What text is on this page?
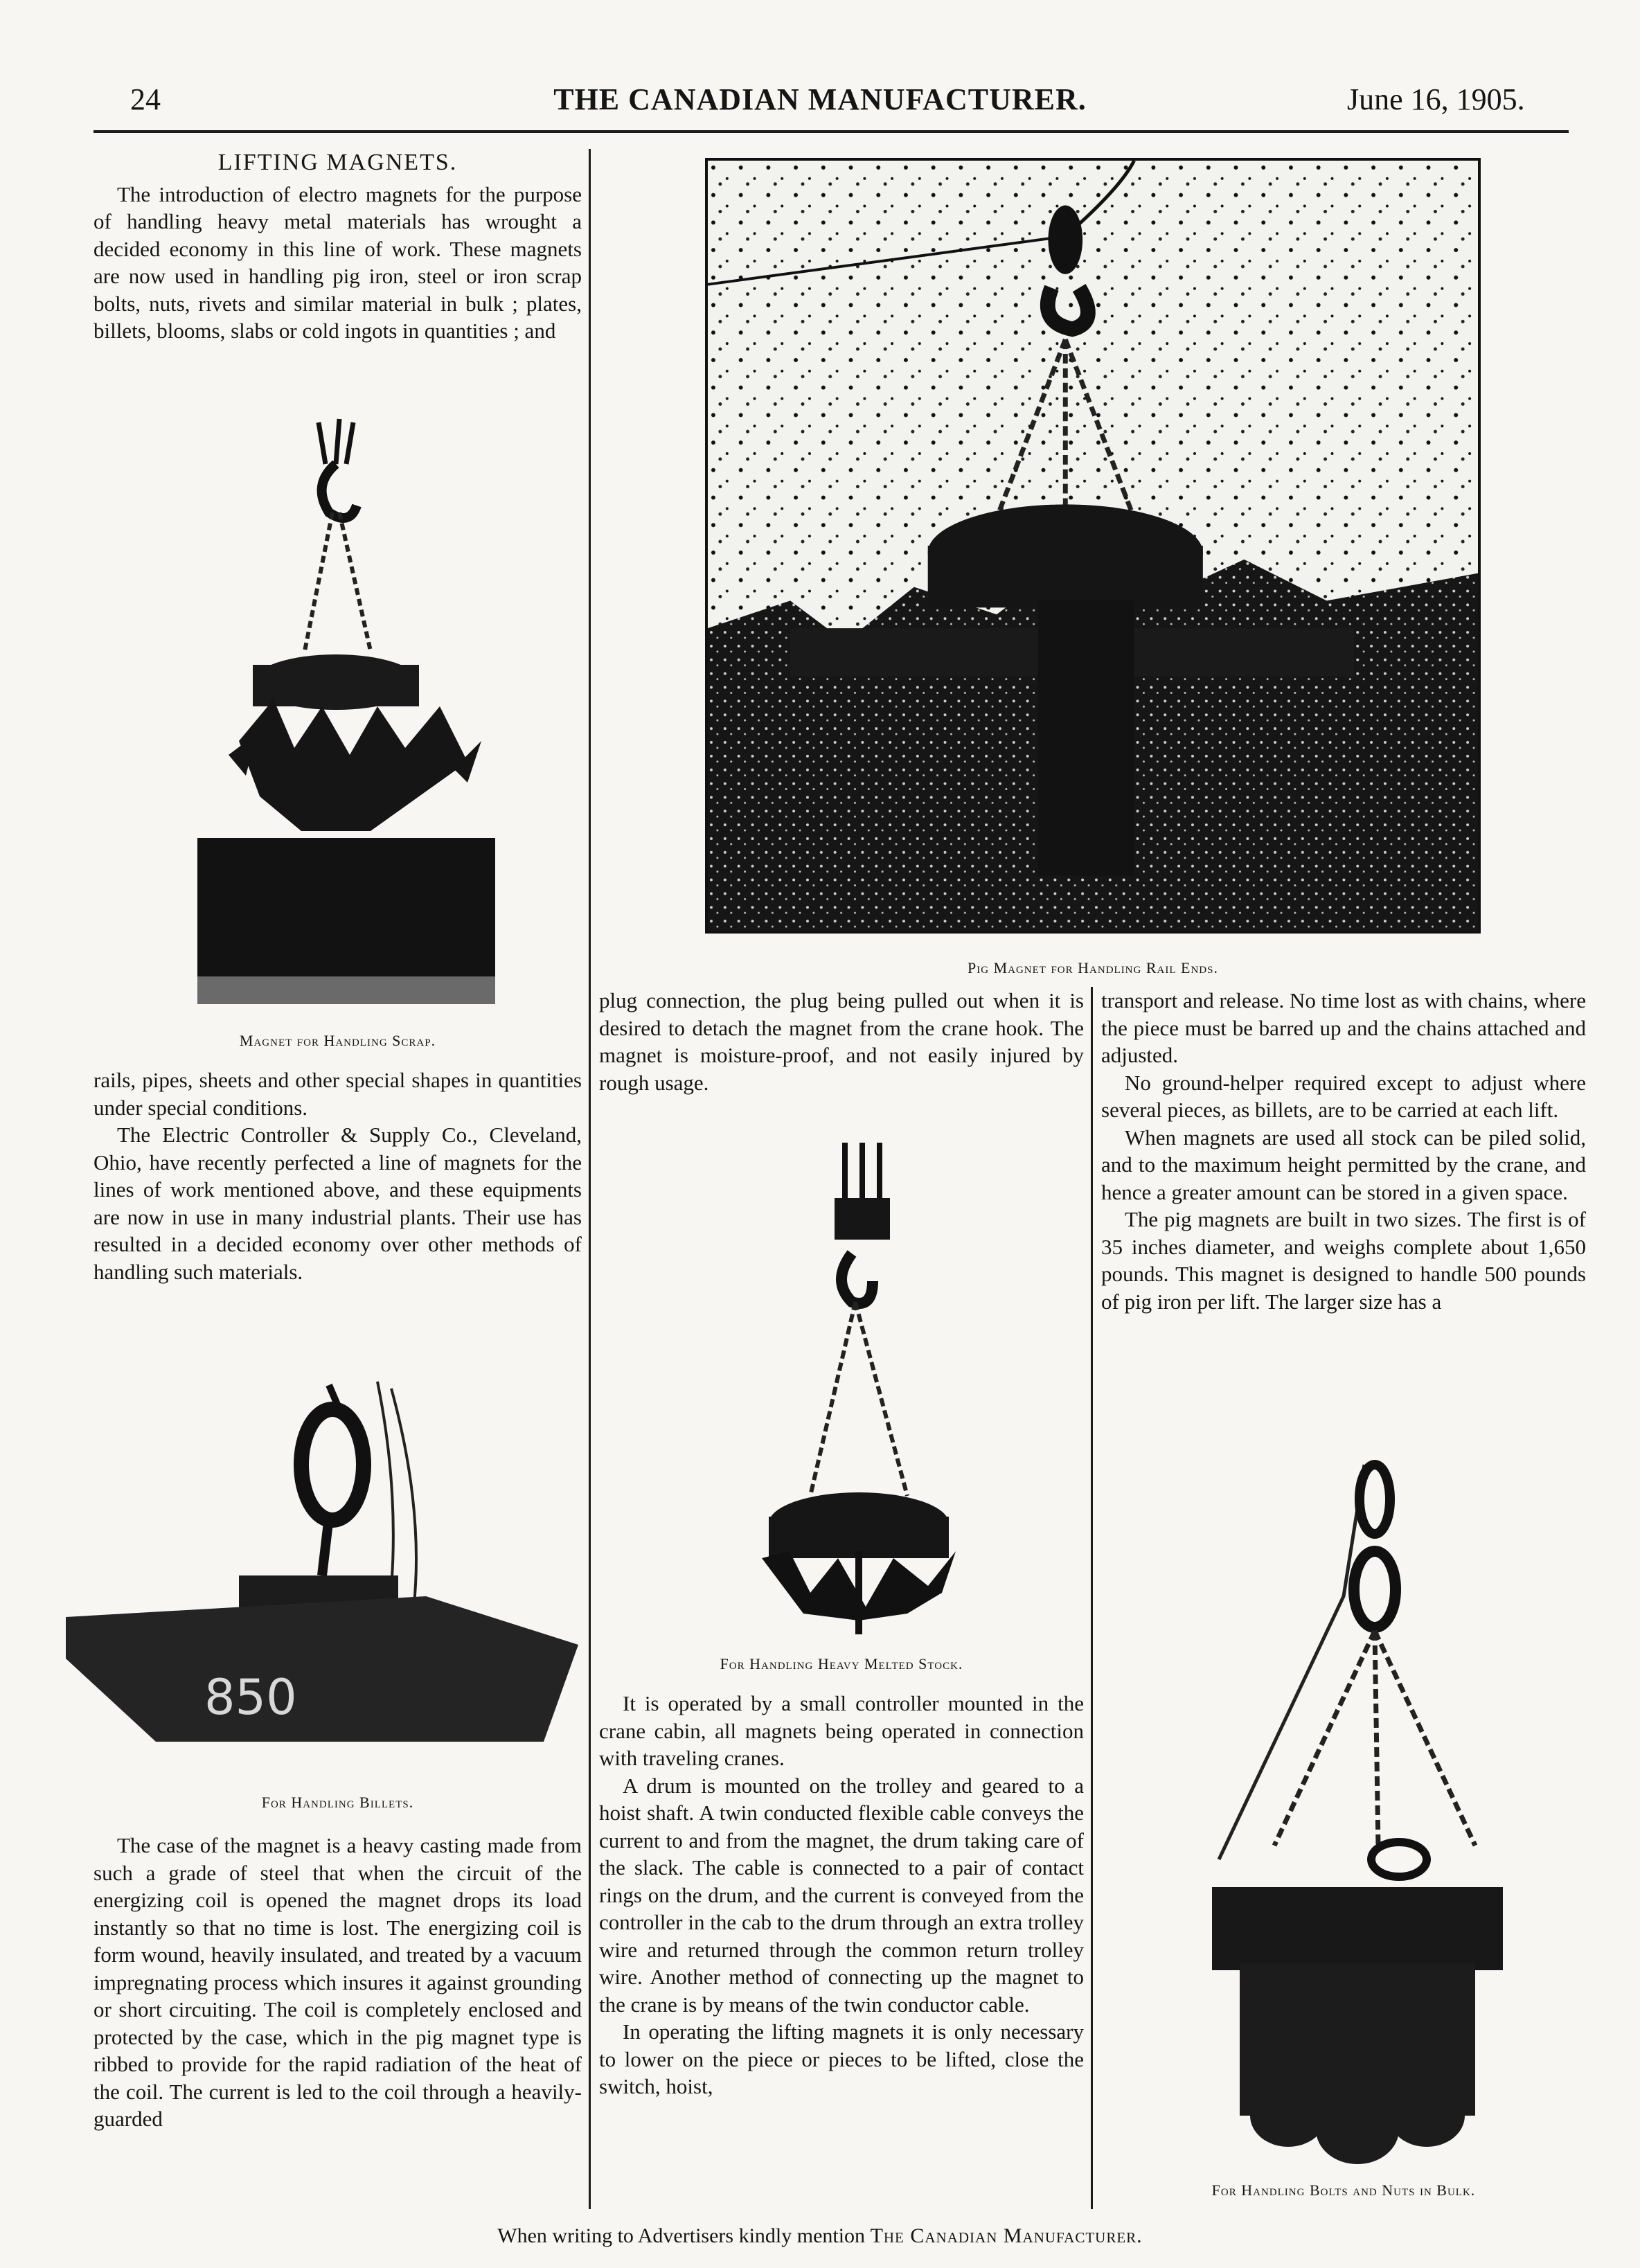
24	THE CANADIAN MANUFACTURER.	June 16, 1905.
LIFTING MAGNETS.

The introduction of electro magnets for the purpose of handling heavy metal materials has wrought a decided economy in this line of work. These magnets are now used in handling pig iron, steel or iron scrap bolts, nuts, rivets and similar material in bulk ; plates, billets, blooms, slabs or cold ingots in quantities ; and

Magnet for Handling Scrap.

rails, pipes, sheets and other special shapes in quantities under special conditions.

The Electric Controller & Supply Co., Cleveland, Ohio, have recently perfected a line of magnets for the lines of work mentioned above, and these equipments are now in use in many industrial plants. Their use has resulted in a decided economy over other methods of handling such materials.

850
For Handling Billets.

The case of the magnet is a heavy casting made from such a grade of steel that when the circuit of the energizing coil is opened the magnet drops its load instantly so that no time is lost. The energizing coil is form wound, heavily insulated, and treated by a vacuum impregnating process which insures it against grounding or short circuiting. The coil is completely enclosed and protected by the case, which in the pig magnet type is ribbed to provide for the rapid radiation of the heat of the coil. The current is led to the coil through a heavily-guarded

Pig Magnet for Handling Rail Ends.

plug connection, the plug being pulled out when it is desired to detach the magnet from the crane hook. The magnet is moisture-proof, and not easily injured by rough usage.

For Handling Heavy Melted Stock.

It is operated by a small controller mounted in the crane cabin, all magnets being operated in connection with traveling cranes.

A drum is mounted on the trolley and geared to a hoist shaft. A twin conducted flexible cable conveys the current to and from the magnet, the drum taking care of the slack. The cable is connected to a pair of contact rings on the drum, and the current is conveyed from the controller in the cab to the drum through an extra trolley wire and returned through the common return trolley wire. Another method of connecting up the magnet to the crane is by means of the twin conductor cable.

In operating the lifting magnets it is only necessary to lower on the piece or pieces to be lifted, close the switch, hoist,

transport and release. No time lost as with chains, where the piece must be barred up and the chains attached and adjusted.

No ground-helper required except to adjust where several pieces, as billets, are to be carried at each lift.

When magnets are used all stock can be piled solid, and to the maximum height permitted by the crane, and hence a greater amount can be stored in a given space.

The pig magnets are built in two sizes. The first is of 35 inches diameter, and weighs complete about 1,650 pounds. This magnet is designed to handle 500 pounds of pig iron per lift. The larger size has a

For Handling Bolts and Nuts in Bulk.
When writing to Advertisers kindly mention The Canadian Manufacturer.
